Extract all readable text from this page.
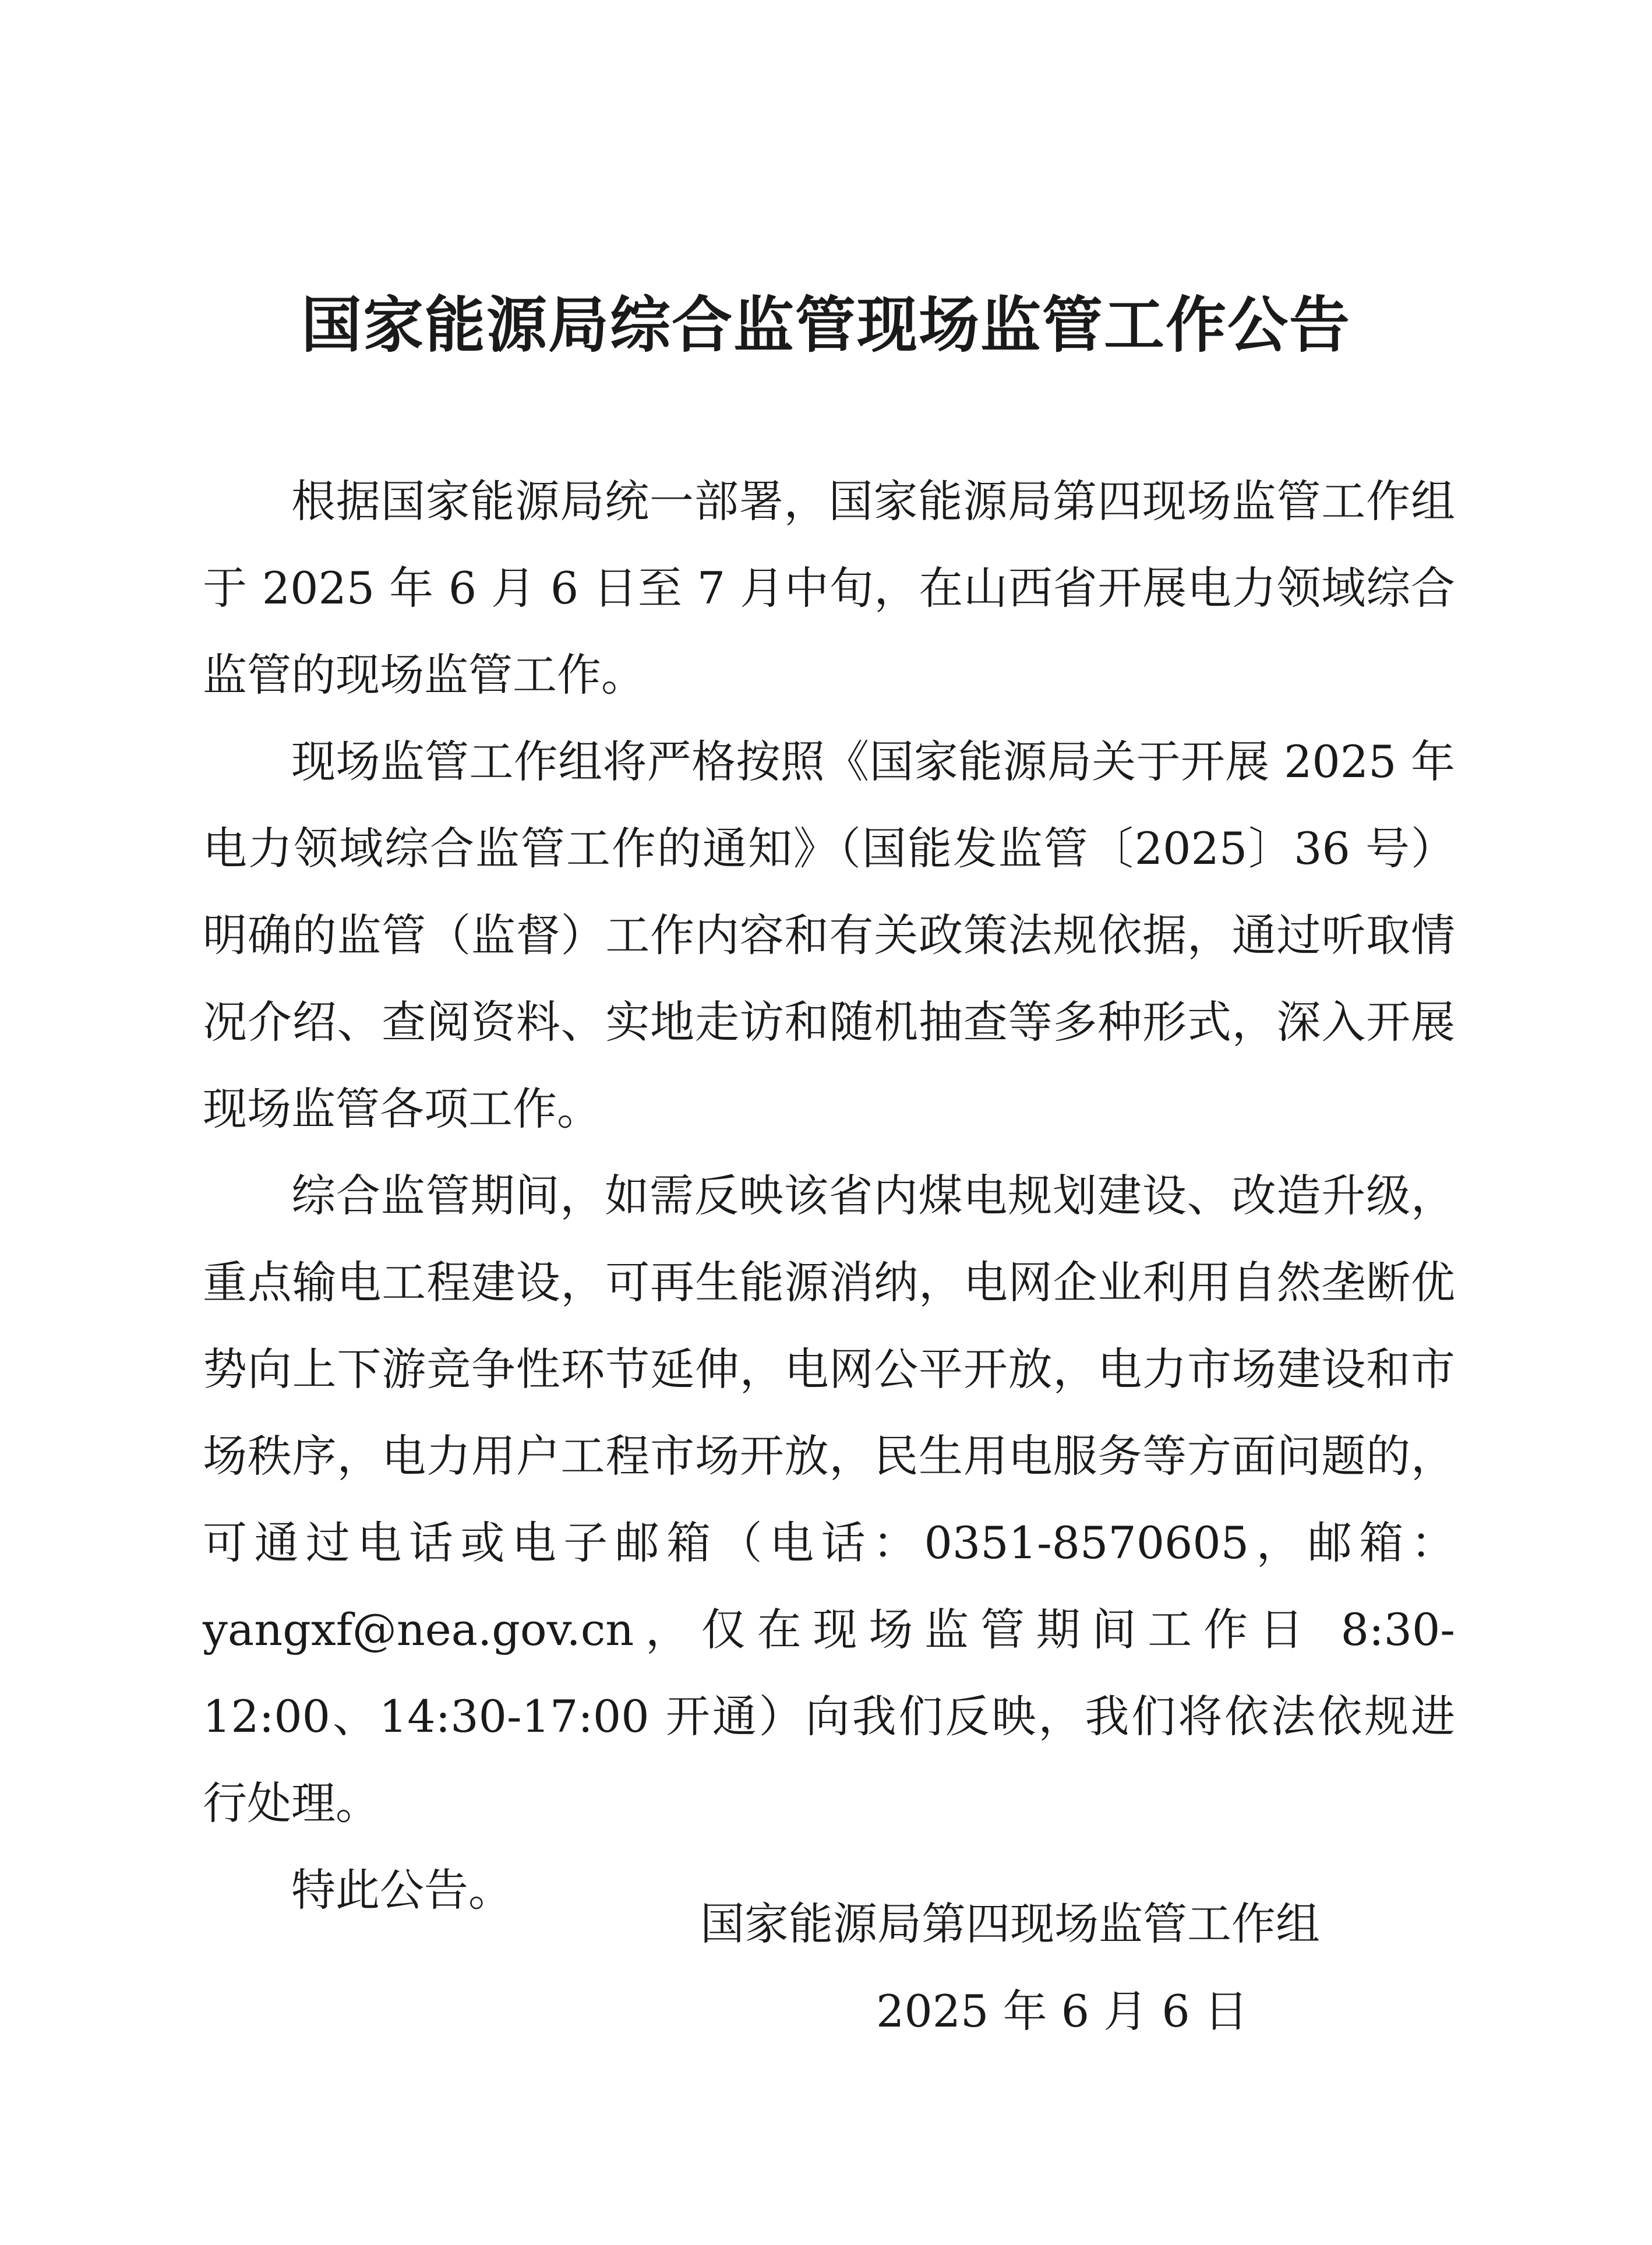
国家能源局综合监管现场监管工作公告

根据国家能源局统一部署，国家能源局第四现场监管工作组于 2025 年 6 月 6 日至 7 月中旬，在山西省开展电力领域综合监管的现场监管工作。

现场监管工作组将严格按照《国家能源局关于开展 2025 年电力领域综合监管工作的通知》（国能发监管〔2025〕36 号）明确的监管（监督）工作内容和有关政策法规依据，通过听取情况介绍、查阅资料、实地走访和随机抽查等多种形式，深入开展现场监管各项工作。

综合监管期间，如需反映该省内煤电规划建设、改造升级，重点输电工程建设，可再生能源消纳，电网企业利用自然垄断优势向上下游竞争性环节延伸，电网公平开放，电力市场建设和市场秩序，电力用户工程市场开放，民生用电服务等方面问题的，可通过电话或电子邮箱（电话：0351-8570605，邮箱：yangxf@nea.gov.cn，仅在现场监管期间工作日 8:30-12:00、14:30-17:00 开通）向我们反映，我们将依法依规进行处理。

特此公告。

国家能源局第四现场监管工作组
2025 年 6 月 6 日
